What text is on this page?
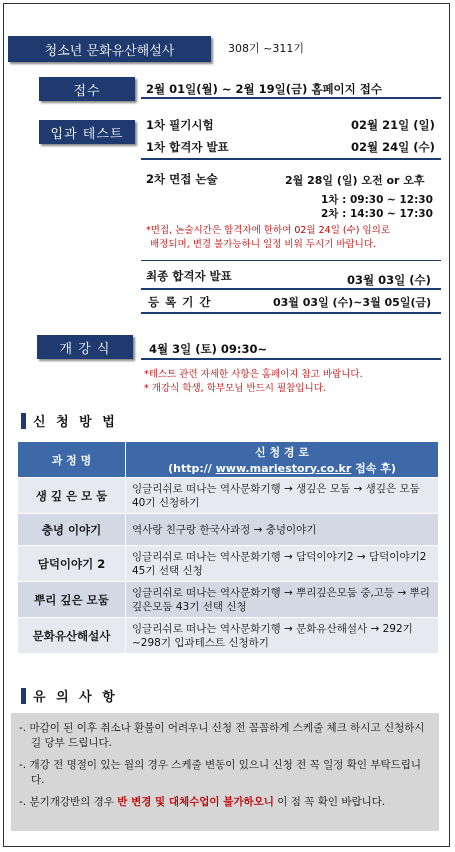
청소년 문화유산해설사	308기 ~311기
접수	2월 01일(월) ~ 2월 19일(금) 홈페이지 접수
입과 테스트
1차 필기시험	02월 21일 (일)
1차 합격자 발표	02월 24일 (수)
2차 면접 논술	2월 28일 (일) 오전 or 오후
1차 : 09:30 ~ 12:30
2차 : 14:30 ~ 17:30
*면접, 논술시간은 합격자에 한하여 02월 24일 (수) 임의로
배정되며, 변경 불가능하니 일정 비워 두시기 바랍니다.
최종 합격자 발표	03월 03일 (수)
등 록 기 간	03월 03일 (수)~3월 05일(금)
개 강 식	4월 3일 (토) 09:30~
*테스트 관련 자세한 사항은 홈페이지 참고 바랍니다.
* 개강식 학생, 학부모님 반드시 필참입니다.
신 청 방 법
과 정 명	신 청 경 로
(http:// www.mariestory.co.kr 접속 후)

생 깊 은 모 둠	잉글리쉬로 떠나는 역사문화기행 → 생깊은 모둠 → 생깊은 모둠 40기 신청하기
충녕 이야기	역사랑 친구랑 한국사과정 → 충녕이야기
담덕이야기 2	잉글리쉬로 떠나는 역사문화기행 → 담덕이야기2 → 담덕이야기2 45기 선택 신청
뿌리 깊은 모둠	잉글리쉬로 떠나는 역사문화기행 → 뿌리깊은모둠 중,고등 → 뿌리깊은모둠 43기 선택 신청
문화유산해설사	잉글리쉬로 떠나는 역사문화기행 → 문화유산해설사 → 292기~298기 입과테스트 신청하기
유 의 사 항

-. 마감이 된 이후 취소나 환불이 어려우니 신청 전 꼼꼼하게 스케줄 체크 하시고 신청하시길 당부 드립니다.

-. 개강 전 명절이 있는 월의 경우 스케줄 변동이 있으니 신청 전 꼭 일정 확인 부탁드립니다.

-. 분기개강반의 경우 반 변경 및 대체수업이 불가하오니 이 점 꼭 확인 바랍니다.
